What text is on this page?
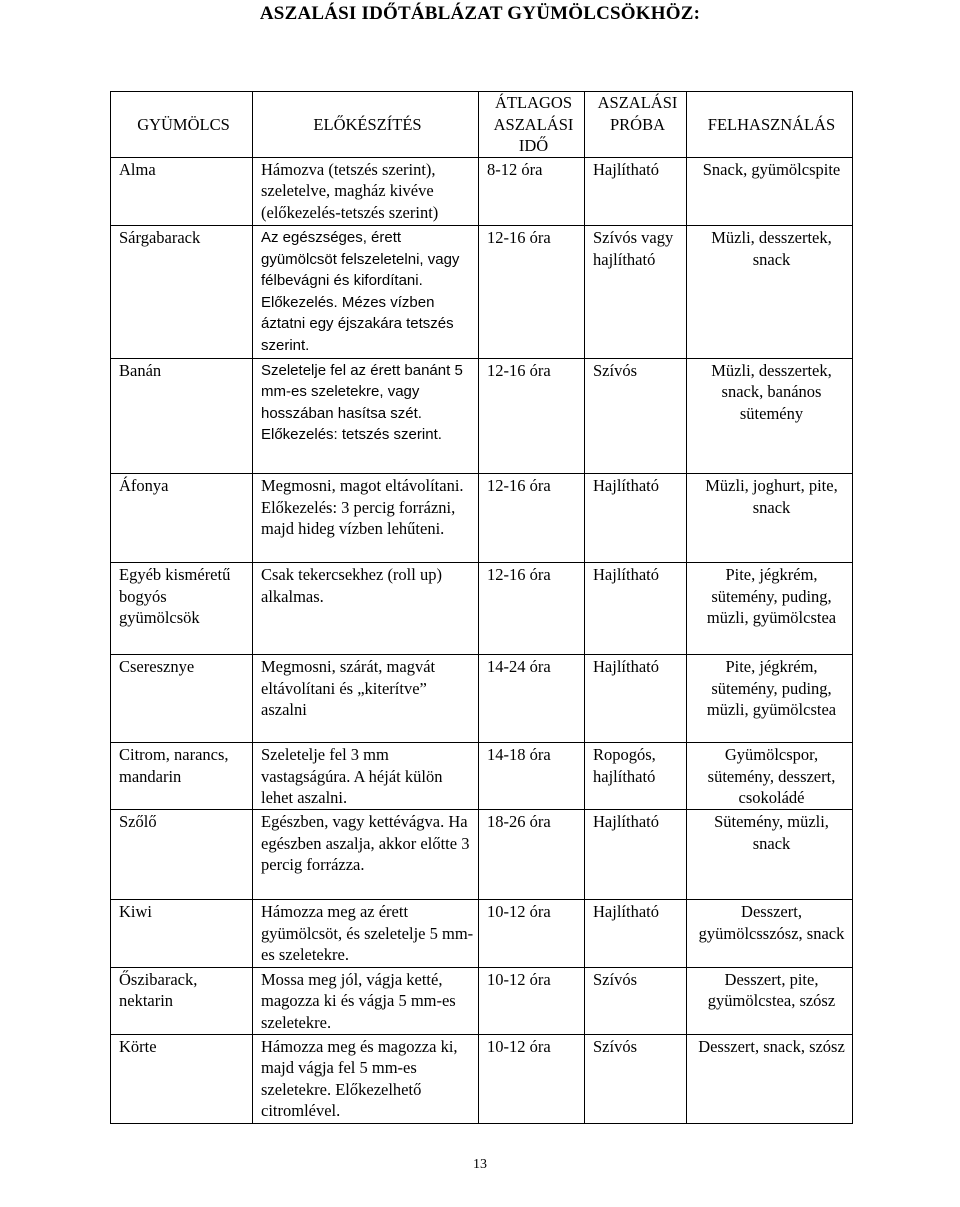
ASZALÁSI IDŐTÁBLÁZAT GYÜMÖLCSÖKHÖZ:
GYÜMÖLCS	ELŐKÉSZÍTÉS	ÁTLAGOS ASZALÁSI IDŐ	ASZALÁSI PRÓBA	FELHASZNÁLÁS
Alma	Hámozva (tetszés szerint), szeletelve, magház kivéve (előkezelés-tetszés szerint)	8-12 óra	Hajlítható	Snack, gyümölcspite
Sárgabarack	Az egészséges, érett gyümölcsöt felszeletelni, vagy félbevágni és kifordítani. Előkezelés. Mézes vízben áztatni egy éjszakára tetszés szerint.	12-16 óra	Szívós vagy hajlítható	Müzli, desszertek, snack
Banán	Szeletelje fel az érett banánt 5 mm-es szeletekre, vagy hosszában hasítsa szét. Előkezelés: tetszés szerint.	12-16 óra	Szívós	Müzli, desszertek, snack, banános sütemény
Áfonya	Megmosni, magot eltávolítani. Előkezelés: 3 percig forrázni, majd hideg vízben lehűteni.	12-16 óra	Hajlítható	Müzli, joghurt, pite, snack
Egyéb kisméretű bogyós gyümölcsök	Csak tekercsekhez (roll up) alkalmas.	12-16 óra	Hajlítható	Pite, jégkrém, sütemény, puding, müzli, gyümölcstea
Cseresznye	Megmosni, szárát, magvát eltávolítani és „kiterítve” aszalni	14-24 óra	Hajlítható	Pite, jégkrém, sütemény, puding, müzli, gyümölcstea
Citrom, narancs, mandarin	Szeletelje fel 3 mm vastagságúra. A héját külön lehet aszalni.	14-18 óra	Ropogós, hajlítható	Gyümölcspor, sütemény, desszert, csokoládé
Szőlő	Egészben, vagy kettévágva. Ha egészben aszalja, akkor előtte 3 percig forrázza.	18-26 óra	Hajlítható	Sütemény, müzli, snack
Kiwi	Hámozza meg az érett gyümölcsöt, és szeletelje 5 mm-es szeletekre.	10-12 óra	Hajlítható	Desszert, gyümölcsszósz, snack
Őszibarack, nektarin	Mossa meg jól, vágja ketté, magozza ki és vágja 5 mm-es szeletekre.	10-12 óra	Szívós	Desszert, pite, gyümölcstea, szósz
Körte	Hámozza meg és magozza ki, majd vágja fel 5 mm-es szeletekre. Előkezelhető citromlével.	10-12 óra	Szívós	Desszert, snack, szósz
13
